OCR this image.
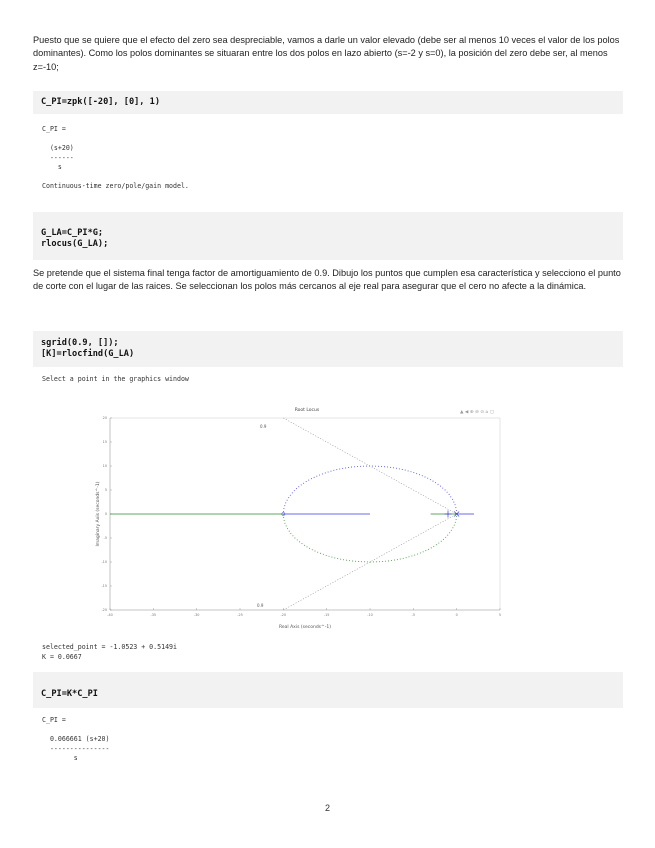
Puesto que se quiere que el efecto del zero sea despreciable, vamos a darle un valor elevado (debe ser al menos 10 veces el valor de los polos dominantes). Como los polos dominantes se situaran entre los dos polos en lazo abierto (s=-2 y s=0), la posición del zero debe ser, al menos z=-10;

C_PI=zpk([-20], [0], 1)
C_PI =

(s+20)
------
s

Continuous-time zero/pole/gain model.
G_LA=C_PI*G;
rlocus(G_LA);

Se pretende que el sistema final tenga factor de amortiguamiento de 0.9. Dibujo los puntos que cumplen esa característica y selecciono el punto de corte con el lugar de las raices. Se seleccionan los polos más cercanos al eje real para asegurar que el cero no afecte a la dinámica.

sgrid(0.9, []);
[K]=rlocfind(G_LA)
Select a point in the graphics window
Root Locus	▲ ◀ ⊕ ⊖ ⊙ ⌂ ▢
-40	-35	-30	-25	-20	-15	-10	-5	0	5
-20
-15
-10
-5
0
5
10
15
20
0.9
0.9
Real Axis (seconds^-1)
Imaginary Axis (seconds^-1)
selected_point = -1.0523 + 0.5149i
K = 0.0667
C_PI=K*C_PI
C_PI =

0.066661 (s+20)
---------------
s
2
